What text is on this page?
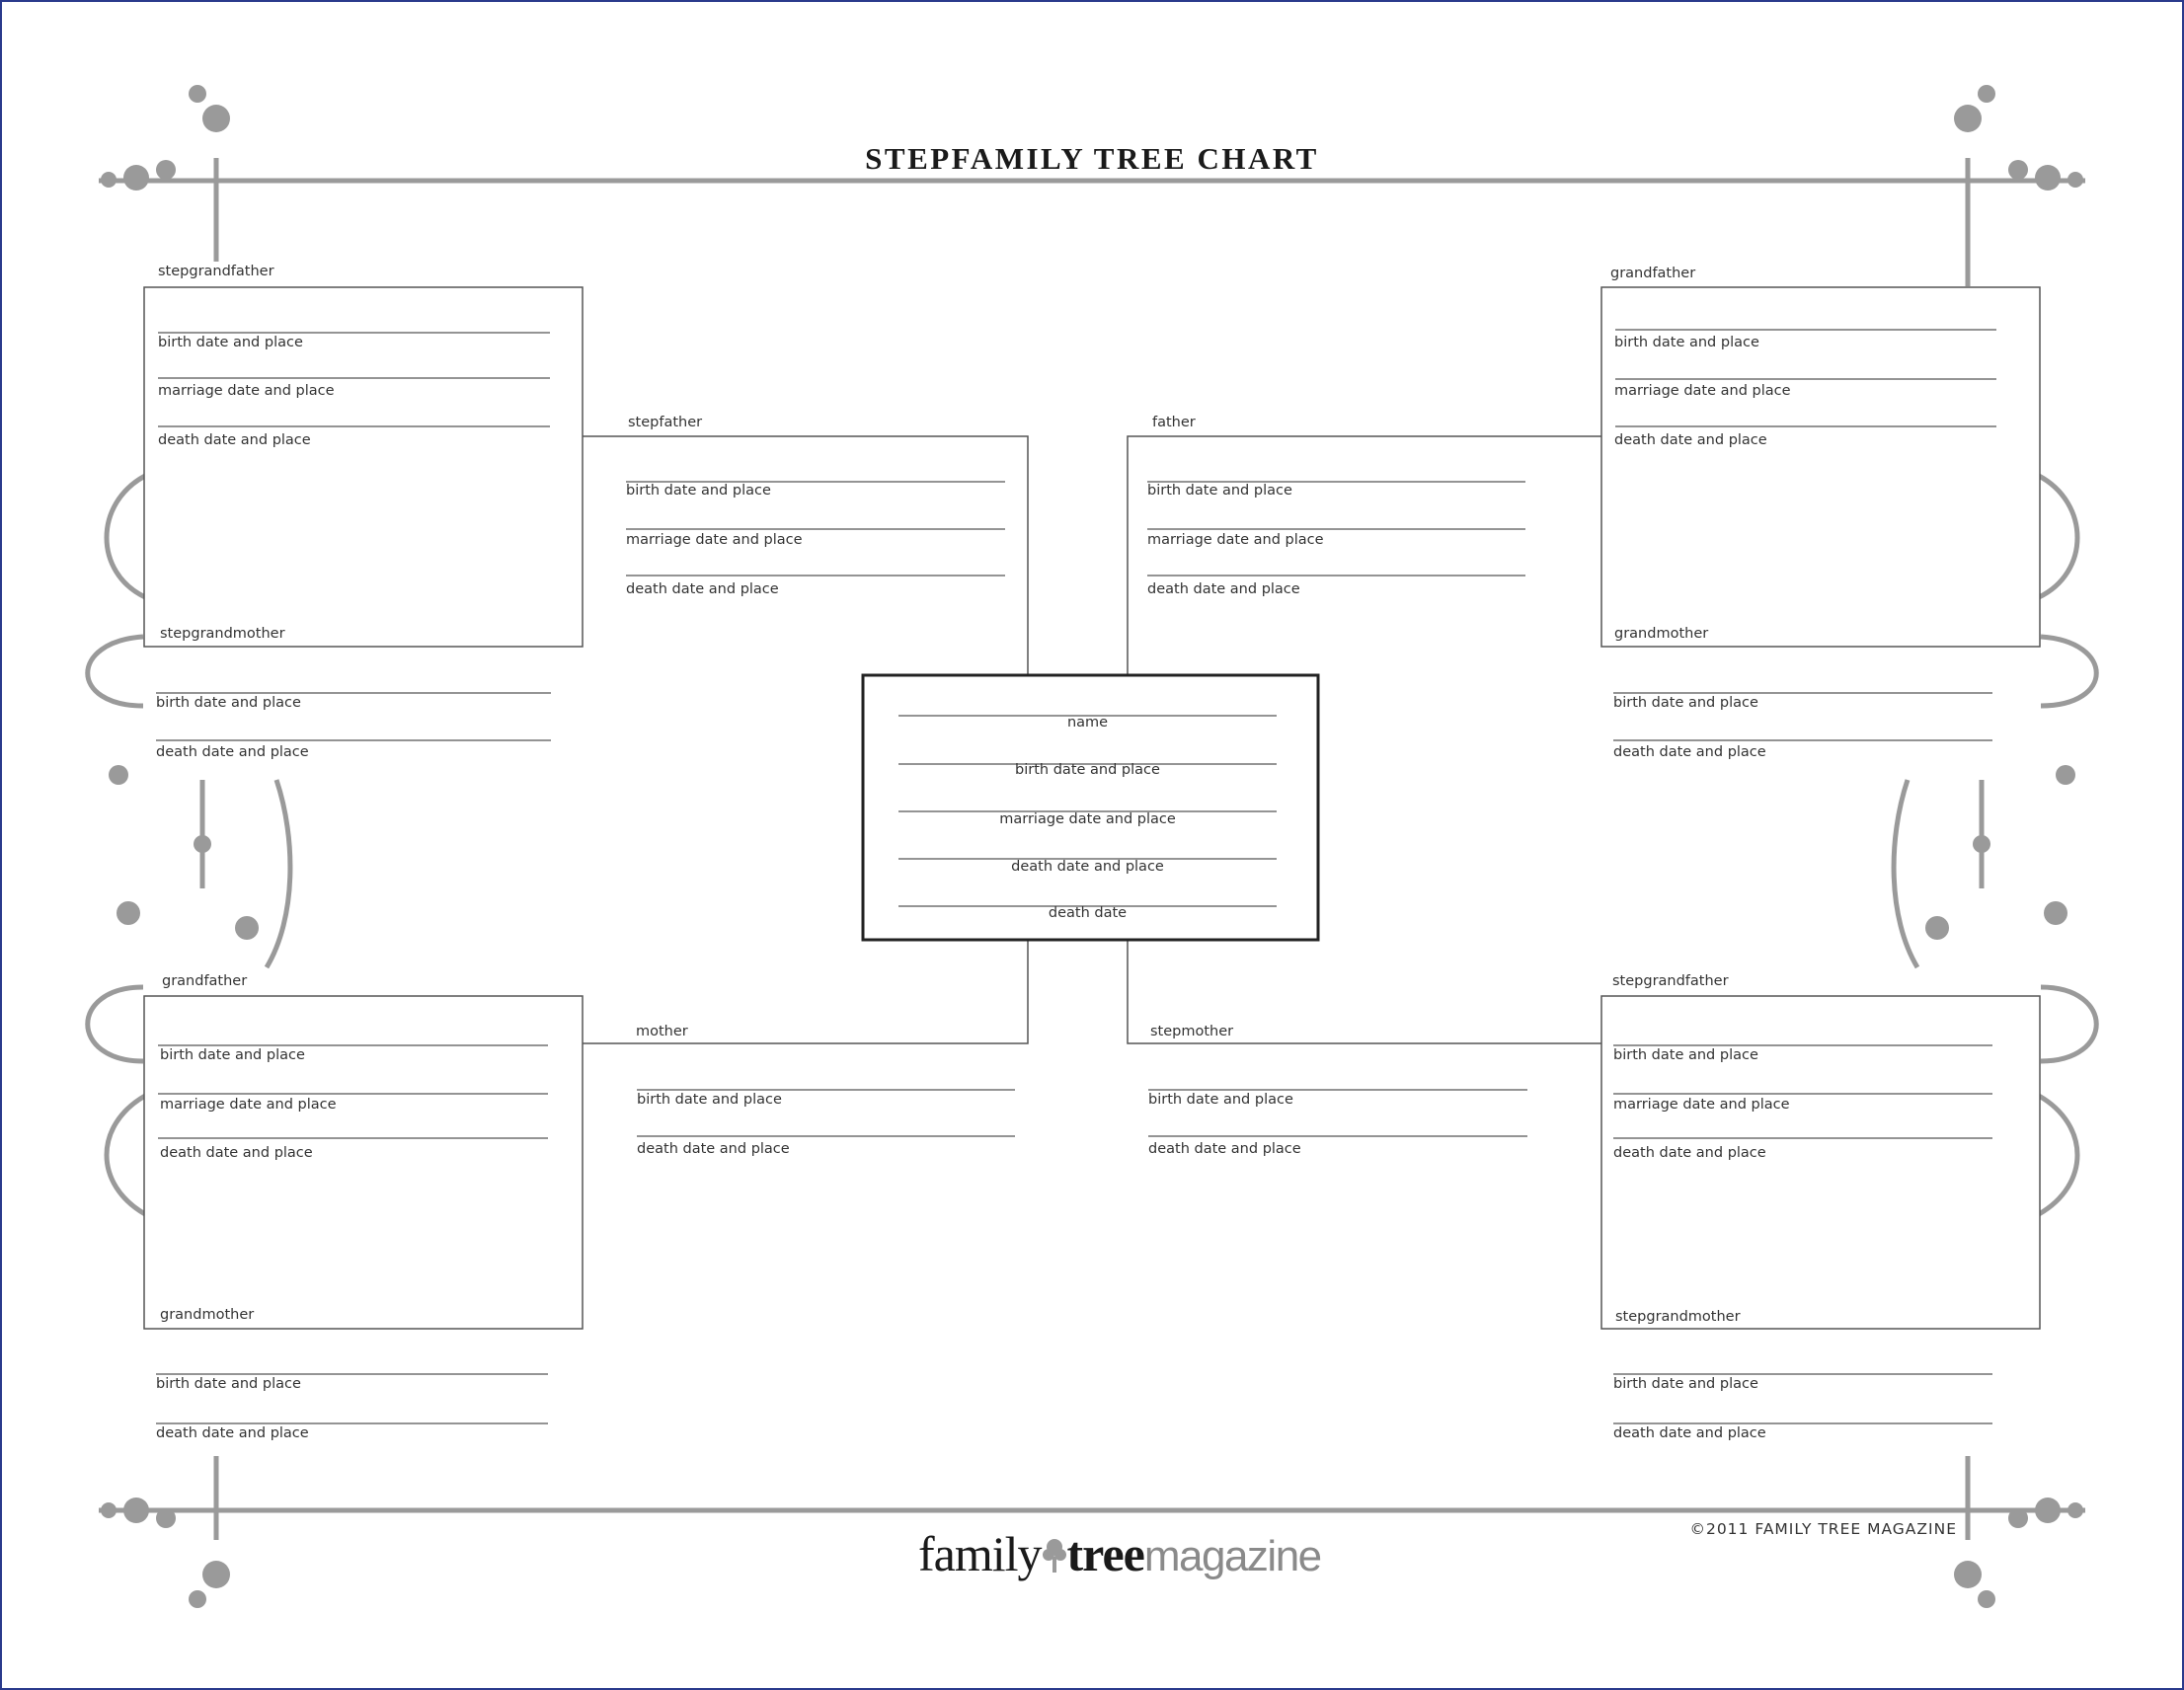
STEPFAMILY TREE CHART
stepgrandfather
birth date and place
marriage date and place
death date and place
stepgrandmother
birth date and place
death date and place
grandfather
birth date and place
marriage date and place
death date and place
grandmother
birth date and place
death date and place
stepfather
birth date and place
marriage date and place
death date and place
father
birth date and place
marriage date and place
death date and place
name
birth date and place
marriage date and place
death date and place
death date
grandfather
birth date and place
marriage date and place
death date and place
grandmother
birth date and place
death date and place
mother
birth date and place
death date and place
stepmother
birth date and place
death date and place
stepgrandfather
birth date and place
marriage date and place
death date and place
stepgrandmother
birth date and place
death date and place
family treemagazine
©2011 FAMILY TREE MAGAZINE
